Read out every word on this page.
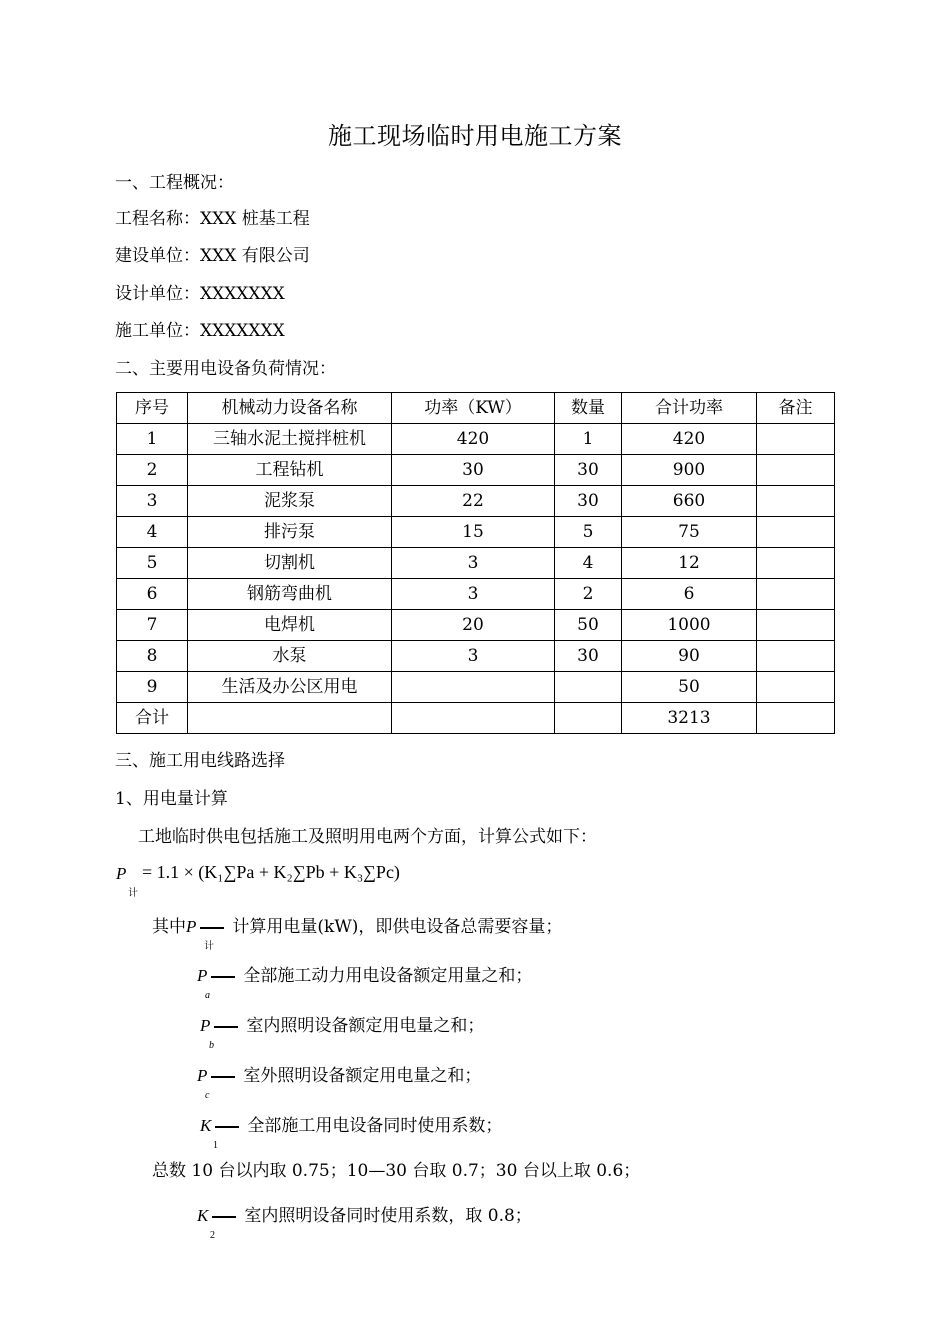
施工现场临时用电施工方案
一、工程概况：
工程名称：XXX 桩基工程
建设单位：XXX 有限公司
设计单位：XXXXXXX
施工单位：XXXXXXX
二、主要用电设备负荷情况：
序号	机械动力设备名称	功率（KW）	数量	合计功率	备注
1	三轴水泥土搅拌桩机	420	1	420	
2	工程钻机	30	30	900	
3	泥浆泵	22	30	660	
4	排污泵	15	5	75	
5	切割机	3	4	12	
6	钢筋弯曲机	3	2	6	
7	电焊机	20	50	1000	
8	水泵	3	30	90	
9	生活及办公区用电			50	
合计				3213	
三、施工用电线路选择
1、用电量计算
工地临时供电包括施工及照明用电两个方面，计算公式如下：
P
计
= 1.1 × (K₁∑Pa + K₂∑Pb + K₃∑Pc)
其中P 计算用电量(kW)，即供电设备总需要容量；
计
P 全部施工动力用电设备额定用量之和；
a
P 室内照明设备额定用电量之和；
b
P 室外照明设备额定用电量之和；
c
K 全部施工用电设备同时使用系数；
1
总数 10 台以内取 0.75；10—30 台取 0.7；30 台以上取 0.6；
K 室内照明设备同时使用系数，取 0.8；
2
